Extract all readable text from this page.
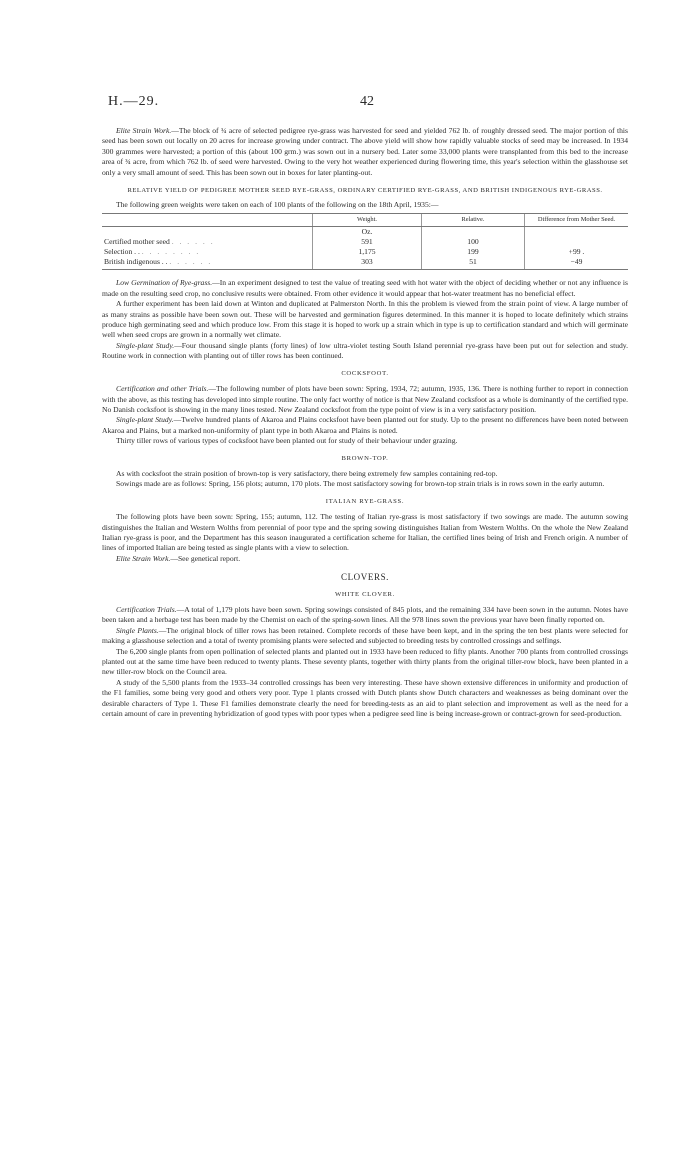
H.—29.	42

Elite Strain Work.—The block of ¾ acre of selected pedigree rye-grass was harvested for seed and yielded 762 lb. of roughly dressed seed. The major portion of this seed has been sown out locally on 20 acres for increase growing under contract. The above yield will show how rapidly valuable stocks of seed may be increased. In 1934 300 grammes were harvested; a portion of this (about 100 grm.) was sown out in a nursery bed. Later some 33,000 plants were transplanted from this bed to the increase area of ¾ acre, from which 762 lb. of seed were harvested. Owing to the very hot weather experienced during flowering time, this year's selection within the glasshouse set only a very small amount of seed. This has been sown out in boxes for later planting-out.

RELATIVE YIELD OF PEDIGREE MOTHER SEED RYE-GRASS, ORDINARY CERTIFIED RYE-GRASS, AND BRITISH INDIGENOUS RYE-GRASS.

The following green weights were taken on each of 100 plants of the following on the 18th April, 1935:—

	Weight.	Relative.	Difference from Mother Seed.
	Oz.		
Certified mother seed . . . . . .	591	100	
Selection . . . . . . . . . .	1,175	199	+99 .
British indigenous . . . . . . . .	303	51	−49

Low Germination of Rye-grass.—In an experiment designed to test the value of treating seed with hot water with the object of deciding whether or not any influence is made on the resulting seed crop, no conclusive results were obtained. From other evidence it would appear that hot-water treatment has no beneficial effect.

A further experiment has been laid down at Winton and duplicated at Palmerston North. In this the problem is viewed from the strain point of view. A large number of as many strains as possible have been sown out. These will be harvested and germination figures determined. In this manner it is hoped to locate definitely which strains produce high germinating seed and which produce low. From this stage it is hoped to work up a strain which in type is up to certification standard and which will germinate well when seed crops are grown in a normally wet climate.

Single-plant Study.—Four thousand single plants (forty lines) of low ultra-violet testing South Island perennial rye-grass have been put out for selection and study. Routine work in connection with planting out of tiller rows has been continued.

COCKSFOOT.

Certification and other Trials.—The following number of plots have been sown: Spring, 1934, 72; autumn, 1935, 136. There is nothing further to report in connection with the above, as this testing has developed into simple routine. The only fact worthy of notice is that New Zealand cocksfoot as a whole is dominantly of the certified type. No Danish cocksfoot is showing in the many lines tested. New Zealand cocksfoot from the type point of view is in a very satisfactory position.

Single-plant Study.—Twelve hundred plants of Akaroa and Plains cocksfoot have been planted out for study. Up to the present no differences have been noted between Akaroa and Plains, but a marked non-uniformity of plant type in both Akaroa and Plains is noted.

Thirty tiller rows of various types of cocksfoot have been planted out for study of their behaviour under grazing.

BROWN-TOP.

As with cocksfoot the strain position of brown-top is very satisfactory, there being extremely few samples containing red-top.

Sowings made are as follows: Spring, 156 plots; autumn, 170 plots. The most satisfactory sowing for brown-top strain trials is in rows sown in the early autumn.

ITALIAN RYE-GRASS.

The following plots have been sown: Spring, 155; autumn, 112. The testing of Italian rye-grass is most satisfactory if two sowings are made. The autumn sowing distinguishes the Italian and Western Wolths from perennial of poor type and the spring sowing distinguishes Italian from Western Wolths. On the whole the New Zealand Italian rye-grass is poor, and the Department has this season inaugurated a certification scheme for Italian, the certified lines being of Irish and French origin. A number of lines of imported Italian are being tested as single plants with a view to selection.

Elite Strain Work.—See genetical report.

CLOVERS.
WHITE CLOVER.

Certification Trials.—A total of 1,179 plots have been sown. Spring sowings consisted of 845 plots, and the remaining 334 have been sown in the autumn. Notes have been taken and a herbage test has been made by the Chemist on each of the spring-sown lines. All the 978 lines sown the previous year have been finally reported on.

Single Plants.—The original block of tiller rows has been retained. Complete records of these have been kept, and in the spring the ten best plants were selected for making a glasshouse selection and a total of twenty promising plants were selected and subjected to breeding tests by controlled crossings and selfings.

The 6,200 single plants from open pollination of selected plants and planted out in 1933 have been reduced to fifty plants. Another 700 plants from controlled crossings planted out at the same time have been reduced to twenty plants. These seventy plants, together with thirty plants from the original tiller-row block, have been planted in a new tiller-row block on the Council area.

A study of the 5,500 plants from the 1933–34 controlled crossings has been very interesting. These have shown extensive differences in uniformity and production of the F1 families, some being very good and others very poor. Type 1 plants crossed with Dutch plants show Dutch characters and weaknesses as being dominant over the desirable characters of Type 1. These F1 families demonstrate clearly the need for breeding-tests as an aid to plant selection and improvement as well as the need for a certain amount of care in preventing hybridization of good types with poor types when a pedigree seed line is being increase-grown or contract-grown for seed-production.
